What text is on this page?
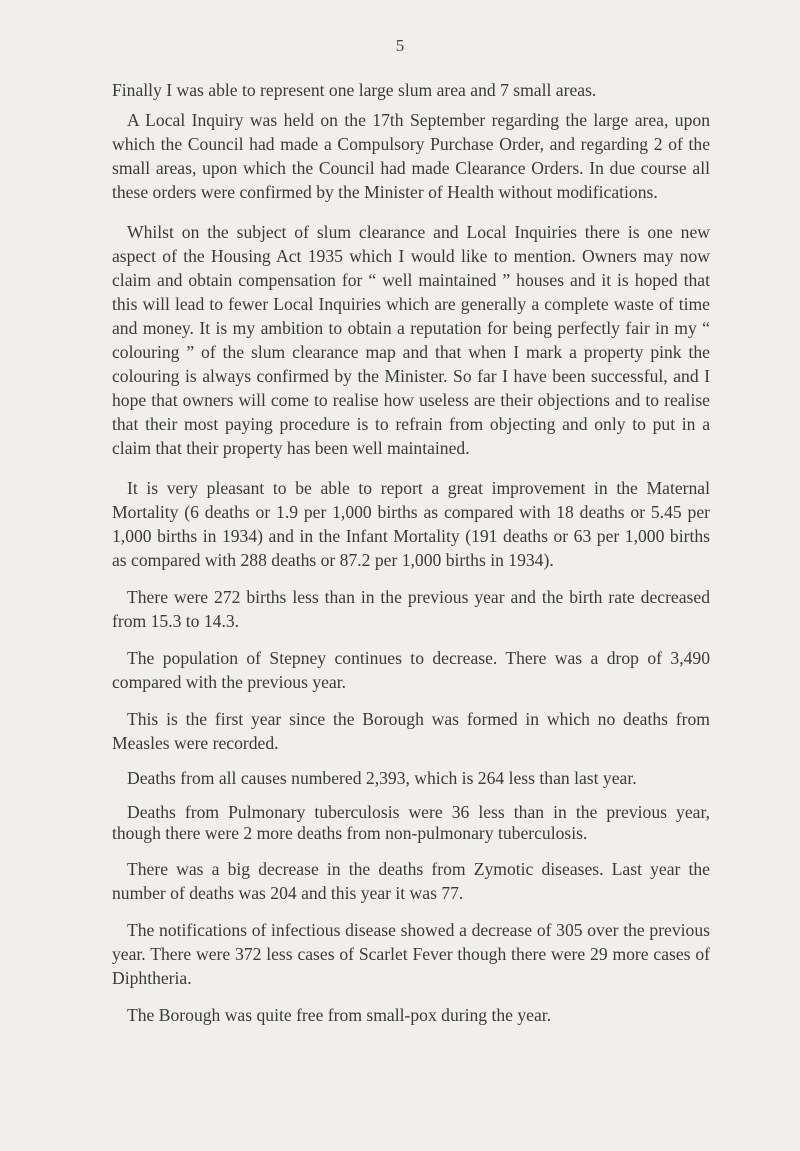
5

Finally I was able to represent one large slum area and 7 small areas.

A Local Inquiry was held on the 17th September regarding the large area, upon which the Council had made a Compulsory Purchase Order, and regarding 2 of the small areas, upon which the Council had made Clearance Orders. In due course all these orders were confirmed by the Minister of Health without modifications.

Whilst on the subject of slum clearance and Local Inquiries there is one new aspect of the Housing Act 1935 which I would like to mention. Owners may now claim and obtain compensation for “ well maintained ” houses and it is hoped that this will lead to fewer Local Inquiries which are generally a complete waste of time and money. It is my ambition to obtain a reputation for being perfectly fair in my “ colouring ” of the slum clearance map and that when I mark a property pink the colouring is always confirmed by the Minister. So far I have been successful, and I hope that owners will come to realise how useless are their objections and to realise that their most paying procedure is to refrain from objecting and only to put in a claim that their property has been well maintained.

It is very pleasant to be able to report a great improvement in the Maternal Mortality (6 deaths or 1.9 per 1,000 births as compared with 18 deaths or 5.45 per 1,000 births in 1934) and in the Infant Mortality (191 deaths or 63 per 1,000 births as compared with 288 deaths or 87.2 per 1,000 births in 1934).

There were 272 births less than in the previous year and the birth rate decreased from 15.3 to 14.3.

The population of Stepney continues to decrease. There was a drop of 3,490 compared with the previous year.

This is the first year since the Borough was formed in which no deaths from Measles were recorded.

Deaths from all causes numbered 2,393, which is 264 less than last year.

Deaths from Pulmonary tuberculosis were 36 less than in the previous year, though there were 2 more deaths from non-pulmonary tuberculosis.

There was a big decrease in the deaths from Zymotic diseases. Last year the number of deaths was 204 and this year it was 77.

The notifications of infectious disease showed a decrease of 305 over the previous year. There were 372 less cases of Scarlet Fever though there were 29 more cases of Diphtheria.

The Borough was quite free from small-pox during the year.
